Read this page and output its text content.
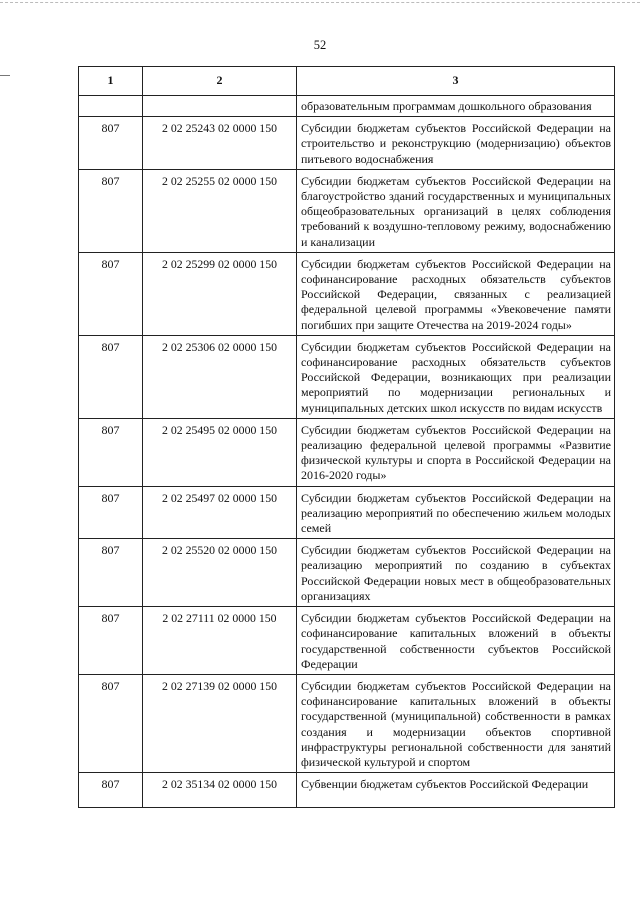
52
1	2	3
		образовательным программам дошкольного образования
807	2 02 25243 02 0000 150	Субсидии бюджетам субъектов Российской Федерации на строительство и реконструкцию (модернизацию) объектов питьевого водоснабжения
807	2 02 25255 02 0000 150	Субсидии бюджетам субъектов Российской Федерации на благоустройство зданий государственных и муниципальных общеобразовательных организаций в целях соблюдения требований к воздушно-тепловому режиму, водоснабжению и канализации
807	2 02 25299 02 0000 150	Субсидии бюджетам субъектов Российской Федерации на софинансирование расходных обязательств субъектов Российской Федерации, связанных с реализацией федеральной целевой программы «Увековечение памяти погибших при защите Отечества на 2019-2024 годы»
807	2 02 25306 02 0000 150	Субсидии бюджетам субъектов Российской Федерации на софинансирование расходных обязательств субъектов Российской Федерации, возникающих при реализации мероприятий по модернизации региональных и муниципальных детских школ искусств по видам искусств
807	2 02 25495 02 0000 150	Субсидии бюджетам субъектов Российской Федерации на реализацию федеральной целевой программы «Развитие физической культуры и спорта в Российской Федерации на 2016-2020 годы»
807	2 02 25497 02 0000 150	Субсидии бюджетам субъектов Российской Федерации на реализацию мероприятий по обеспечению жильем молодых семей
807	2 02 25520 02 0000 150	Субсидии бюджетам субъектов Российской Федерации на реализацию мероприятий по созданию в субъектах Российской Федерации новых мест в общеобразовательных организациях
807	2 02 27111 02 0000 150	Субсидии бюджетам субъектов Российской Федерации на софинансирование капитальных вложений в объекты государственной собственности субъектов Российской Федерации
807	2 02 27139 02 0000 150	Субсидии бюджетам субъектов Российской Федерации на софинансирование капитальных вложений в объекты государственной (муниципальной) собственности в рамках создания и модернизации объектов спортивной инфраструктуры региональной собственности для занятий физической культурой и спортом
807	2 02 35134 02 0000 150	Субвенции бюджетам субъектов Российской Федерации
